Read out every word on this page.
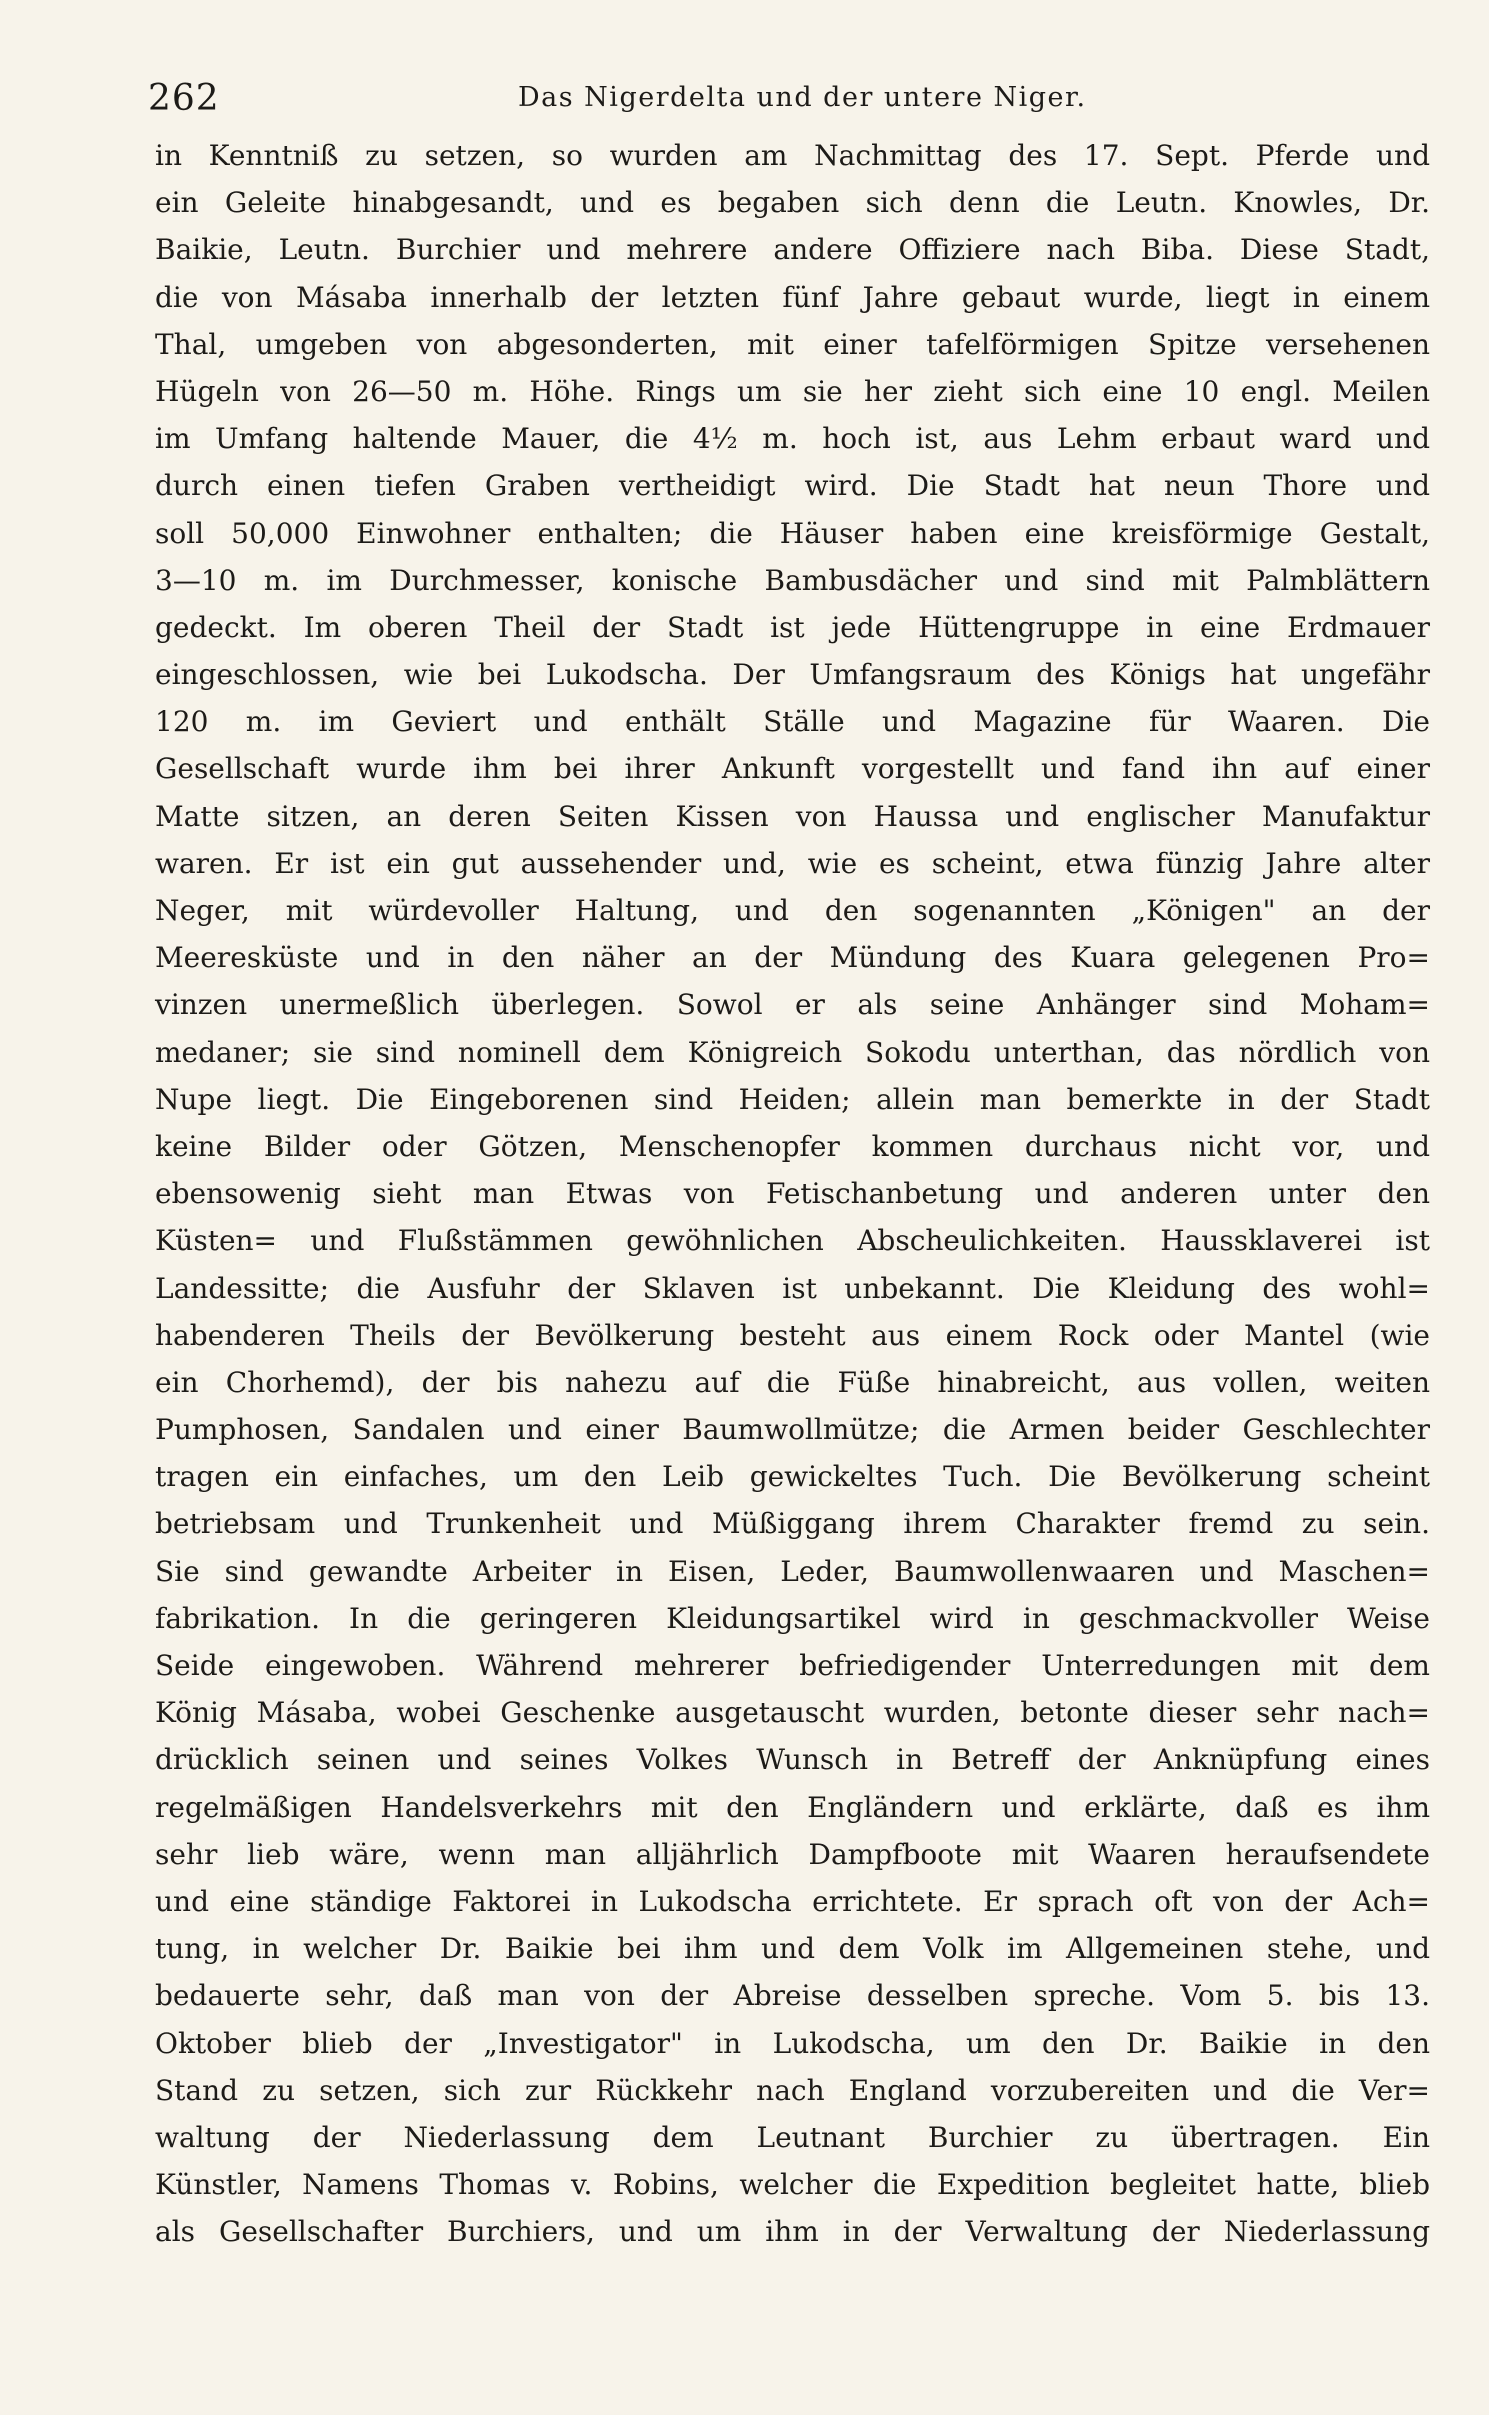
262	Das Nigerdelta und der untere Niger.
in Kenntniß zu setzen, so wurden am Nachmittag des 17. Sept. Pferde und
ein Geleite hinabgesandt, und es begaben sich denn die Leutn. Knowles, Dr.
Baikie, Leutn. Burchier und mehrere andere Offiziere nach Biba. Diese Stadt,
die von Másaba innerhalb der letzten fünf Jahre gebaut wurde, liegt in einem
Thal, umgeben von abgesonderten, mit einer tafelförmigen Spitze versehenen
Hügeln von 26—50 m. Höhe. Rings um sie her zieht sich eine 10 engl. Meilen
im Umfang haltende Mauer, die 4½ m. hoch ist, aus Lehm erbaut ward und
durch einen tiefen Graben vertheidigt wird. Die Stadt hat neun Thore und
soll 50,000 Einwohner enthalten; die Häuser haben eine kreisförmige Gestalt,
3—10 m. im Durchmesser, konische Bambusdächer und sind mit Palmblättern
gedeckt. Im oberen Theil der Stadt ist jede Hüttengruppe in eine Erdmauer
eingeschlossen, wie bei Lukodscha. Der Umfangsraum des Königs hat ungefähr
120 m. im Geviert und enthält Ställe und Magazine für Waaren. Die
Gesellschaft wurde ihm bei ihrer Ankunft vorgestellt und fand ihn auf einer
Matte sitzen, an deren Seiten Kissen von Haussa und englischer Manufaktur
waren. Er ist ein gut aussehender und, wie es scheint, etwa fünzig Jahre alter
Neger, mit würdevoller Haltung, und den sogenannten „Königen" an der
Meeresküste und in den näher an der Mündung des Kuara gelegenen Pro=
vinzen unermeßlich überlegen. Sowol er als seine Anhänger sind Moham=
medaner; sie sind nominell dem Königreich Sokodu unterthan, das nördlich von
Nupe liegt. Die Eingeborenen sind Heiden; allein man bemerkte in der Stadt
keine Bilder oder Götzen, Menschenopfer kommen durchaus nicht vor, und
ebensowenig sieht man Etwas von Fetischanbetung und anderen unter den
Küsten= und Flußstämmen gewöhnlichen Abscheulichkeiten. Haussklaverei ist
Landessitte; die Ausfuhr der Sklaven ist unbekannt. Die Kleidung des wohl=
habenderen Theils der Bevölkerung besteht aus einem Rock oder Mantel (wie
ein Chorhemd), der bis nahezu auf die Füße hinabreicht, aus vollen, weiten
Pumphosen, Sandalen und einer Baumwollmütze; die Armen beider Geschlechter
tragen ein einfaches, um den Leib gewickeltes Tuch. Die Bevölkerung scheint
betriebsam und Trunkenheit und Müßiggang ihrem Charakter fremd zu sein.
Sie sind gewandte Arbeiter in Eisen, Leder, Baumwollenwaaren und Maschen=
fabrikation. In die geringeren Kleidungsartikel wird in geschmackvoller Weise
Seide eingewoben. Während mehrerer befriedigender Unterredungen mit dem
König Másaba, wobei Geschenke ausgetauscht wurden, betonte dieser sehr nach=
drücklich seinen und seines Volkes Wunsch in Betreff der Anknüpfung eines
regelmäßigen Handelsverkehrs mit den Engländern und erklärte, daß es ihm
sehr lieb wäre, wenn man alljährlich Dampfboote mit Waaren heraufsendete
und eine ständige Faktorei in Lukodscha errichtete. Er sprach oft von der Ach=
tung, in welcher Dr. Baikie bei ihm und dem Volk im Allgemeinen stehe, und
bedauerte sehr, daß man von der Abreise desselben spreche. Vom 5. bis 13.
Oktober blieb der „Investigator" in Lukodscha, um den Dr. Baikie in den
Stand zu setzen, sich zur Rückkehr nach England vorzubereiten und die Ver=
waltung der Niederlassung dem Leutnant Burchier zu übertragen. Ein
Künstler, Namens Thomas v. Robins, welcher die Expedition begleitet hatte, blieb
als Gesellschafter Burchiers, und um ihm in der Verwaltung der Niederlassung
